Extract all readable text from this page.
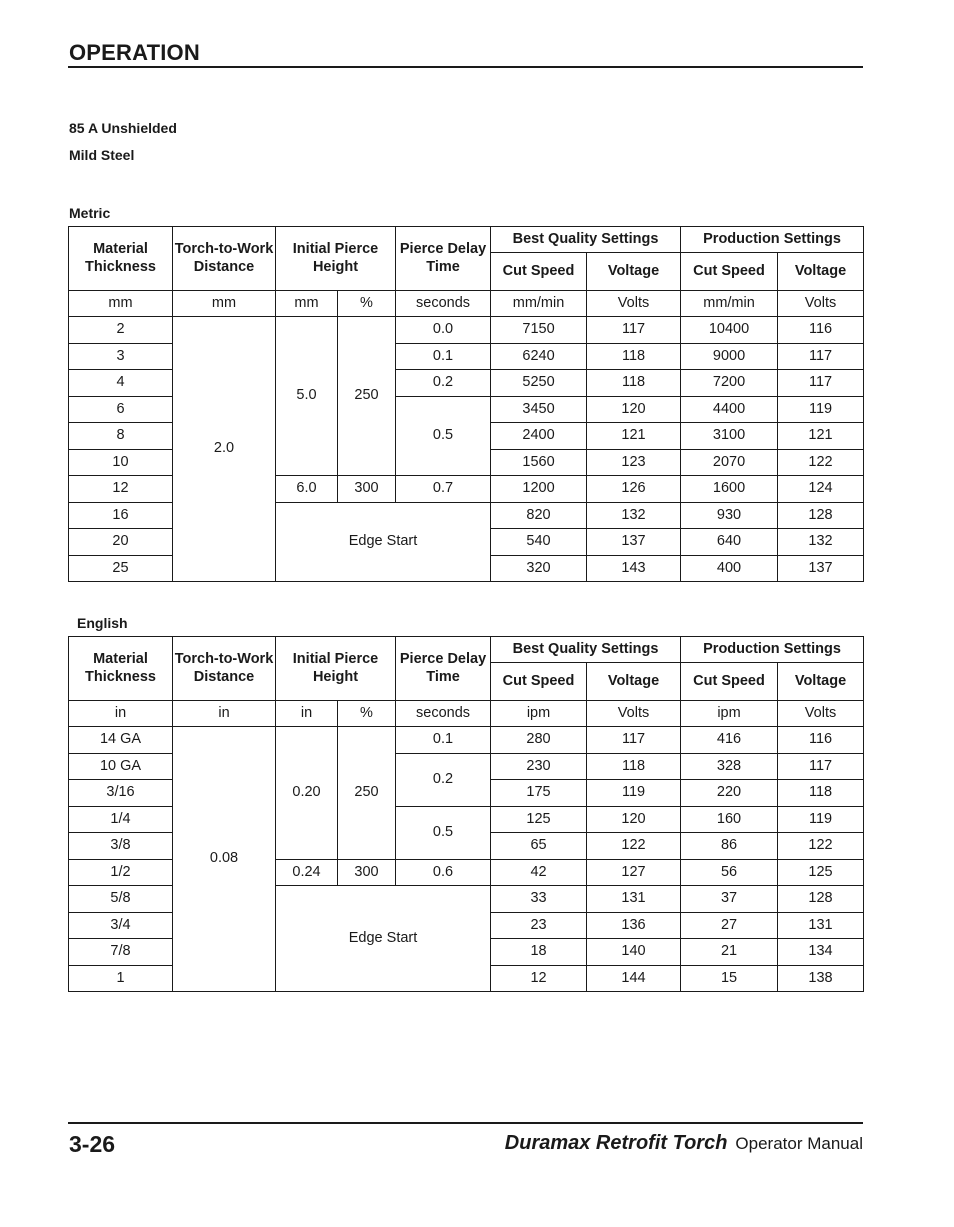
OPERATION
85 A Unshielded
Mild Steel
Metric
Material Thickness	Torch-to-Work Distance	Initial Pierce Height		Pierce Delay Time	Best Quality Settings		Production Settings	
					Cut Speed	Voltage	Cut Speed	Voltage
mm	mm	mm	%	seconds	mm/min	Volts	mm/min	Volts
2	2.0	5.0	250	0.0	7150	117	10400	116
3				0.1	6240	118	9000	117
4				0.2	5250	118	7200	117
6				0.5	3450	120	4400	119
8					2400	121	3100	121
10					1560	123	2070	122
12		6.0	300	0.7	1200	126	1600	124
16		Edge Start			820	132	930	128
20					540	137	640	132
25					320	143	400	137
English
Material Thickness	Torch-to-Work Distance	Initial Pierce Height		Pierce Delay Time	Best Quality Settings		Production Settings	
					Cut Speed	Voltage	Cut Speed	Voltage
in	in	in	%	seconds	ipm	Volts	ipm	Volts
14 GA	0.08	0.20	250	0.1	280	117	416	116
10 GA				0.2	230	118	328	117
3/16					175	119	220	118
1/4				0.5	125	120	160	119
3/8					65	122	86	122
1/2		0.24	300	0.6	42	127	56	125
5/8		Edge Start			33	131	37	128
3/4					23	136	27	131
7/8					18	140	21	134
1					12	144	15	138
3-26	Duramax Retrofit Torch Operator Manual
